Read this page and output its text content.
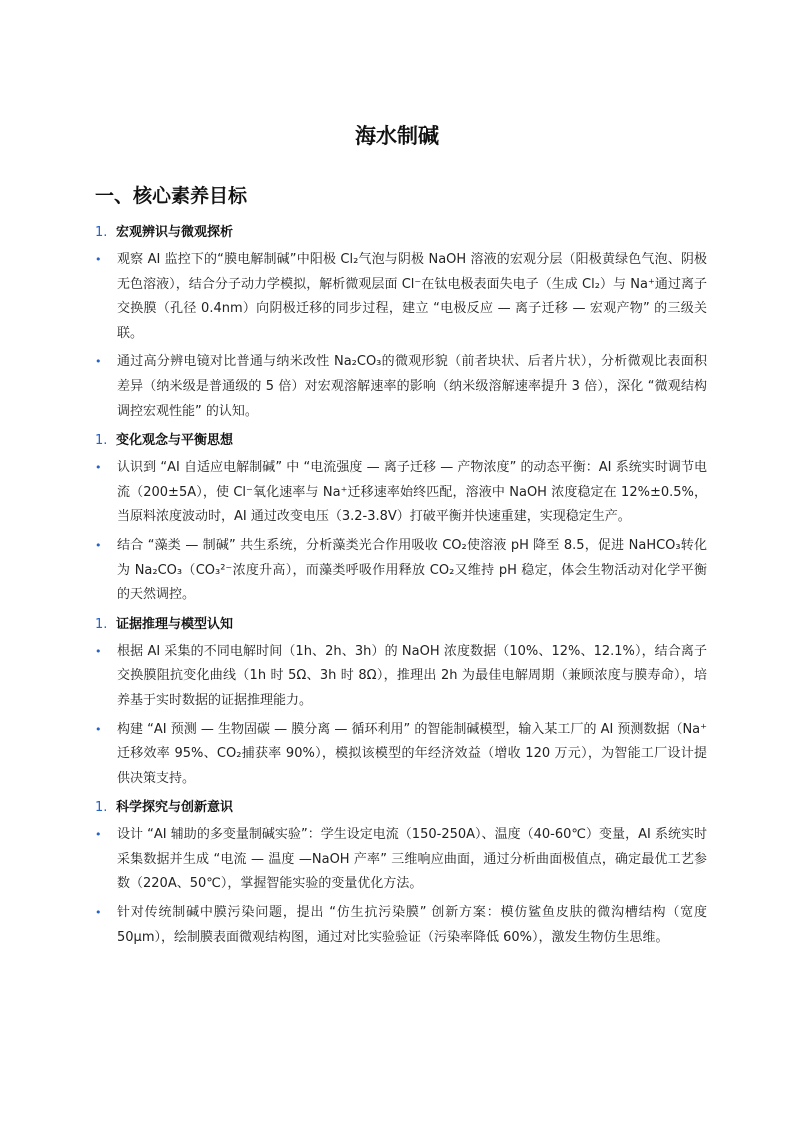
海水制碱
一、核心素养目标
1. 宏观辨识与微观探析
•	观察 AI 监控下的“膜电解制碱”中阳极 Cl₂气泡与阴极 NaOH 溶液的宏观分层（阳极黄绿色气泡、阴极无色溶液），结合分子动力学模拟，解析微观层面 Cl⁻在钛电极表面失电子（生成 Cl₂）与 Na⁺通过离子交换膜（孔径 0.4nm）向阴极迁移的同步过程，建立 “电极反应 — 离子迁移 — 宏观产物” 的三级关联。
•	通过高分辨电镜对比普通与纳米改性 Na₂CO₃的微观形貌（前者块状、后者片状），分析微观比表面积差异（纳米级是普通级的 5 倍）对宏观溶解速率的影响（纳米级溶解速率提升 3 倍），深化 “微观结构调控宏观性能” 的认知。
1. 变化观念与平衡思想
•	认识到 “AI 自适应电解制碱” 中 “电流强度 — 离子迁移 — 产物浓度” 的动态平衡：AI 系统实时调节电流（200±5A），使 Cl⁻氧化速率与 Na⁺迁移速率始终匹配，溶液中 NaOH 浓度稳定在 12%±0.5%，当原料浓度波动时，AI 通过改变电压（3.2-3.8V）打破平衡并快速重建，实现稳定生产。
•	结合 “藻类 — 制碱” 共生系统，分析藻类光合作用吸收 CO₂使溶液 pH 降至 8.5，促进 NaHCO₃转化为 Na₂CO₃（CO₃²⁻浓度升高），而藻类呼吸作用释放 CO₂又维持 pH 稳定，体会生物活动对化学平衡的天然调控。
1. 证据推理与模型认知
•	根据 AI 采集的不同电解时间（1h、2h、3h）的 NaOH 浓度数据（10%、12%、12.1%），结合离子交换膜阻抗变化曲线（1h 时 5Ω、3h 时 8Ω），推理出 2h 为最佳电解周期（兼顾浓度与膜寿命），培养基于实时数据的证据推理能力。
•	构建 “AI 预测 — 生物固碳 — 膜分离 — 循环利用” 的智能制碱模型，输入某工厂的 AI 预测数据（Na⁺迁移效率 95%、CO₂捕获率 90%），模拟该模型的年经济效益（增收 120 万元），为智能工厂设计提供决策支持。
1. 科学探究与创新意识
•	设计 “AI 辅助的多变量制碱实验”：学生设定电流（150-250A）、温度（40-60℃）变量，AI 系统实时采集数据并生成 “电流 — 温度 —NaOH 产率” 三维响应曲面，通过分析曲面极值点，确定最优工艺参数（220A、50℃），掌握智能实验的变量优化方法。
•	针对传统制碱中膜污染问题，提出 “仿生抗污染膜” 创新方案：模仿鲨鱼皮肤的微沟槽结构（宽度 50μm），绘制膜表面微观结构图，通过对比实验验证（污染率降低 60%），激发生物仿生思维。
